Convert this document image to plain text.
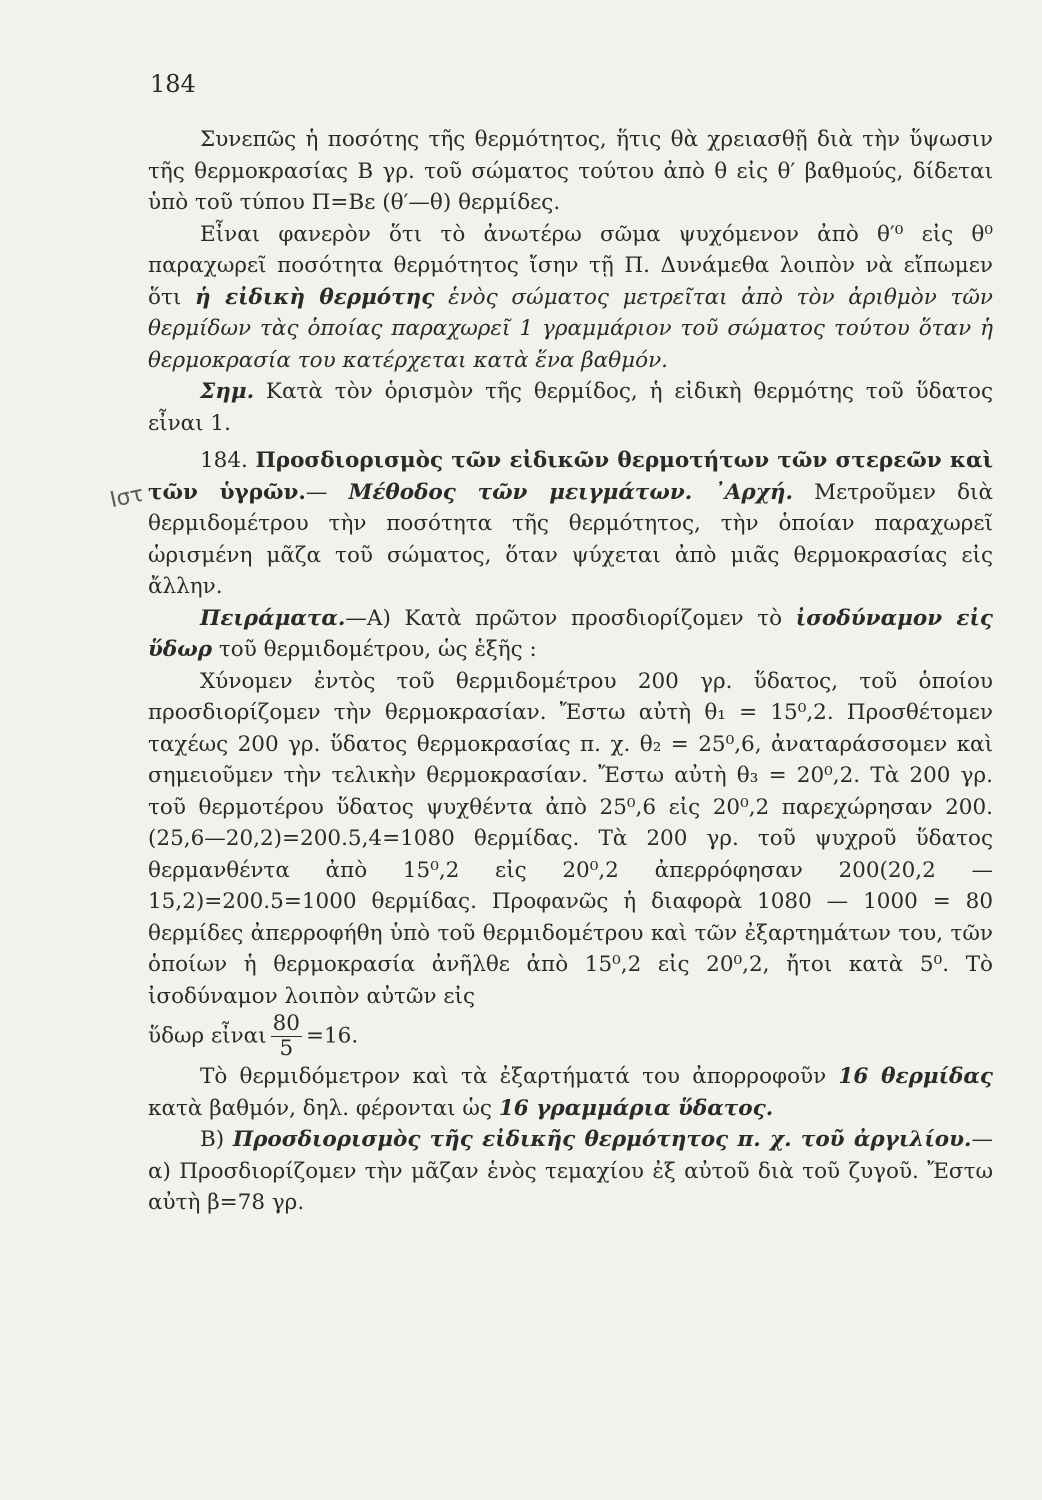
184
Ιστ

Συνεπῶς ἡ ποσότης τῆς θερμότητος, ἥτις θὰ χρειασθῇ διὰ τὴν ὕψωσιν τῆς θερμοκρασίας Β γρ. τοῦ σώματος τούτου ἀπὸ θ εἰς θ′ βαθμούς, δίδεται ὑπὸ τοῦ τύπου Π=Βε (θ′—θ) θερμίδες.

Εἶναι φανερὸν ὅτι τὸ ἀνωτέρω σῶμα ψυχόμενον ἀπὸ θ′⁰ εἰς θ⁰ παραχωρεῖ ποσότητα θερμότητος ἴσην τῇ Π. Δυνάμεθα λοιπὸν νὰ εἴπωμεν ὅτι ἡ εἰδικὴ θερμότης ἑνὸς σώματος μετρεῖται ἀπὸ τὸν ἀριθμὸν τῶν θερμίδων τὰς ὁποίας παραχωρεῖ 1 γραμμάριον τοῦ σώματος τούτου ὅταν ἡ θερμοκρασία του κατέρχεται κατὰ ἕνα βαθμόν.

Σημ. Κατὰ τὸν ὁρισμὸν τῆς θερμίδος, ἡ εἰδικὴ θερμότης τοῦ ὕδατος εἶναι 1.

184. Προσδιορισμὸς τῶν εἰδικῶν θερμοτήτων τῶν στερεῶν καὶ τῶν ὑγρῶν.— Μέθοδος τῶν μειγμάτων. ᾽Αρχή. Μετροῦμεν διὰ θερμιδομέτρου τὴν ποσότητα τῆς θερμότητος, τὴν ὁποίαν παραχωρεῖ ὡρισμένη μᾶζα τοῦ σώματος, ὅταν ψύχεται ἀπὸ μιᾶς θερμοκρασίας εἰς ἄλλην.

Πειράματα.—Α) Κατὰ πρῶτον προσδιορίζομεν τὸ ἰσοδύναμον εἰς ὕδωρ τοῦ θερμιδομέτρου, ὡς ἑξῆς :

Χύνομεν ἐντὸς τοῦ θερμιδομέτρου 200 γρ. ὕδατος, τοῦ ὁποίου προσδιορίζομεν τὴν θερμοκρασίαν. Ἔστω αὐτὴ θ₁ = 15⁰,2. Προσθέτομεν ταχέως 200 γρ. ὕδατος θερμοκρασίας π. χ. θ₂ = 25⁰,6, ἀναταράσσομεν καὶ σημειοῦμεν τὴν τελικὴν θερμοκρασίαν. Ἔστω αὐτὴ θ₃ = 20⁰,2. Τὰ 200 γρ. τοῦ θερμοτέρου ὕδατος ψυχθέντα ἀπὸ 25⁰,6 εἰς 20⁰,2 παρεχώρησαν 200.(25,6—20,2)=200.5,4=1080 θερμίδας. Τὰ 200 γρ. τοῦ ψυχροῦ ὕδατος θερμανθέντα ἀπὸ 15⁰,2 εἰς 20⁰,2 ἀπερρόφησαν 200(20,2 — 15,2)=200.5=1000 θερμίδας. Προφανῶς ἡ διαφορὰ 1080 — 1000 = 80 θερμίδες ἀπερροφήθη ὑπὸ τοῦ θερμιδομέτρου καὶ τῶν ἐξαρτημάτων του, τῶν ὁποίων ἡ θερμοκρασία ἀνῆλθε ἀπὸ 15⁰,2 εἰς 20⁰,2, ἤτοι κατὰ 5⁰. Τὸ ἰσοδύναμον λοιπὸν αὐτῶν εἰς

ὕδωρ εἶναι $\frac{80}{5} =16$.

Τὸ θερμιδόμετρον καὶ τὰ ἐξαρτήματά του ἀπορροφοῦν 16 θερμίδας κατὰ βαθμόν, δηλ. φέρονται ὡς 16 γραμμάρια ὕδατος.

Β) Προσδιορισμὸς τῆς εἰδικῆς θερμότητος π. χ. τοῦ ἀργιλίου.—α) Προσδιορίζομεν τὴν μᾶζαν ἑνὸς τεμαχίου ἐξ αὐτοῦ διὰ τοῦ ζυγοῦ. Ἔστω αὐτὴ β=78 γρ.
